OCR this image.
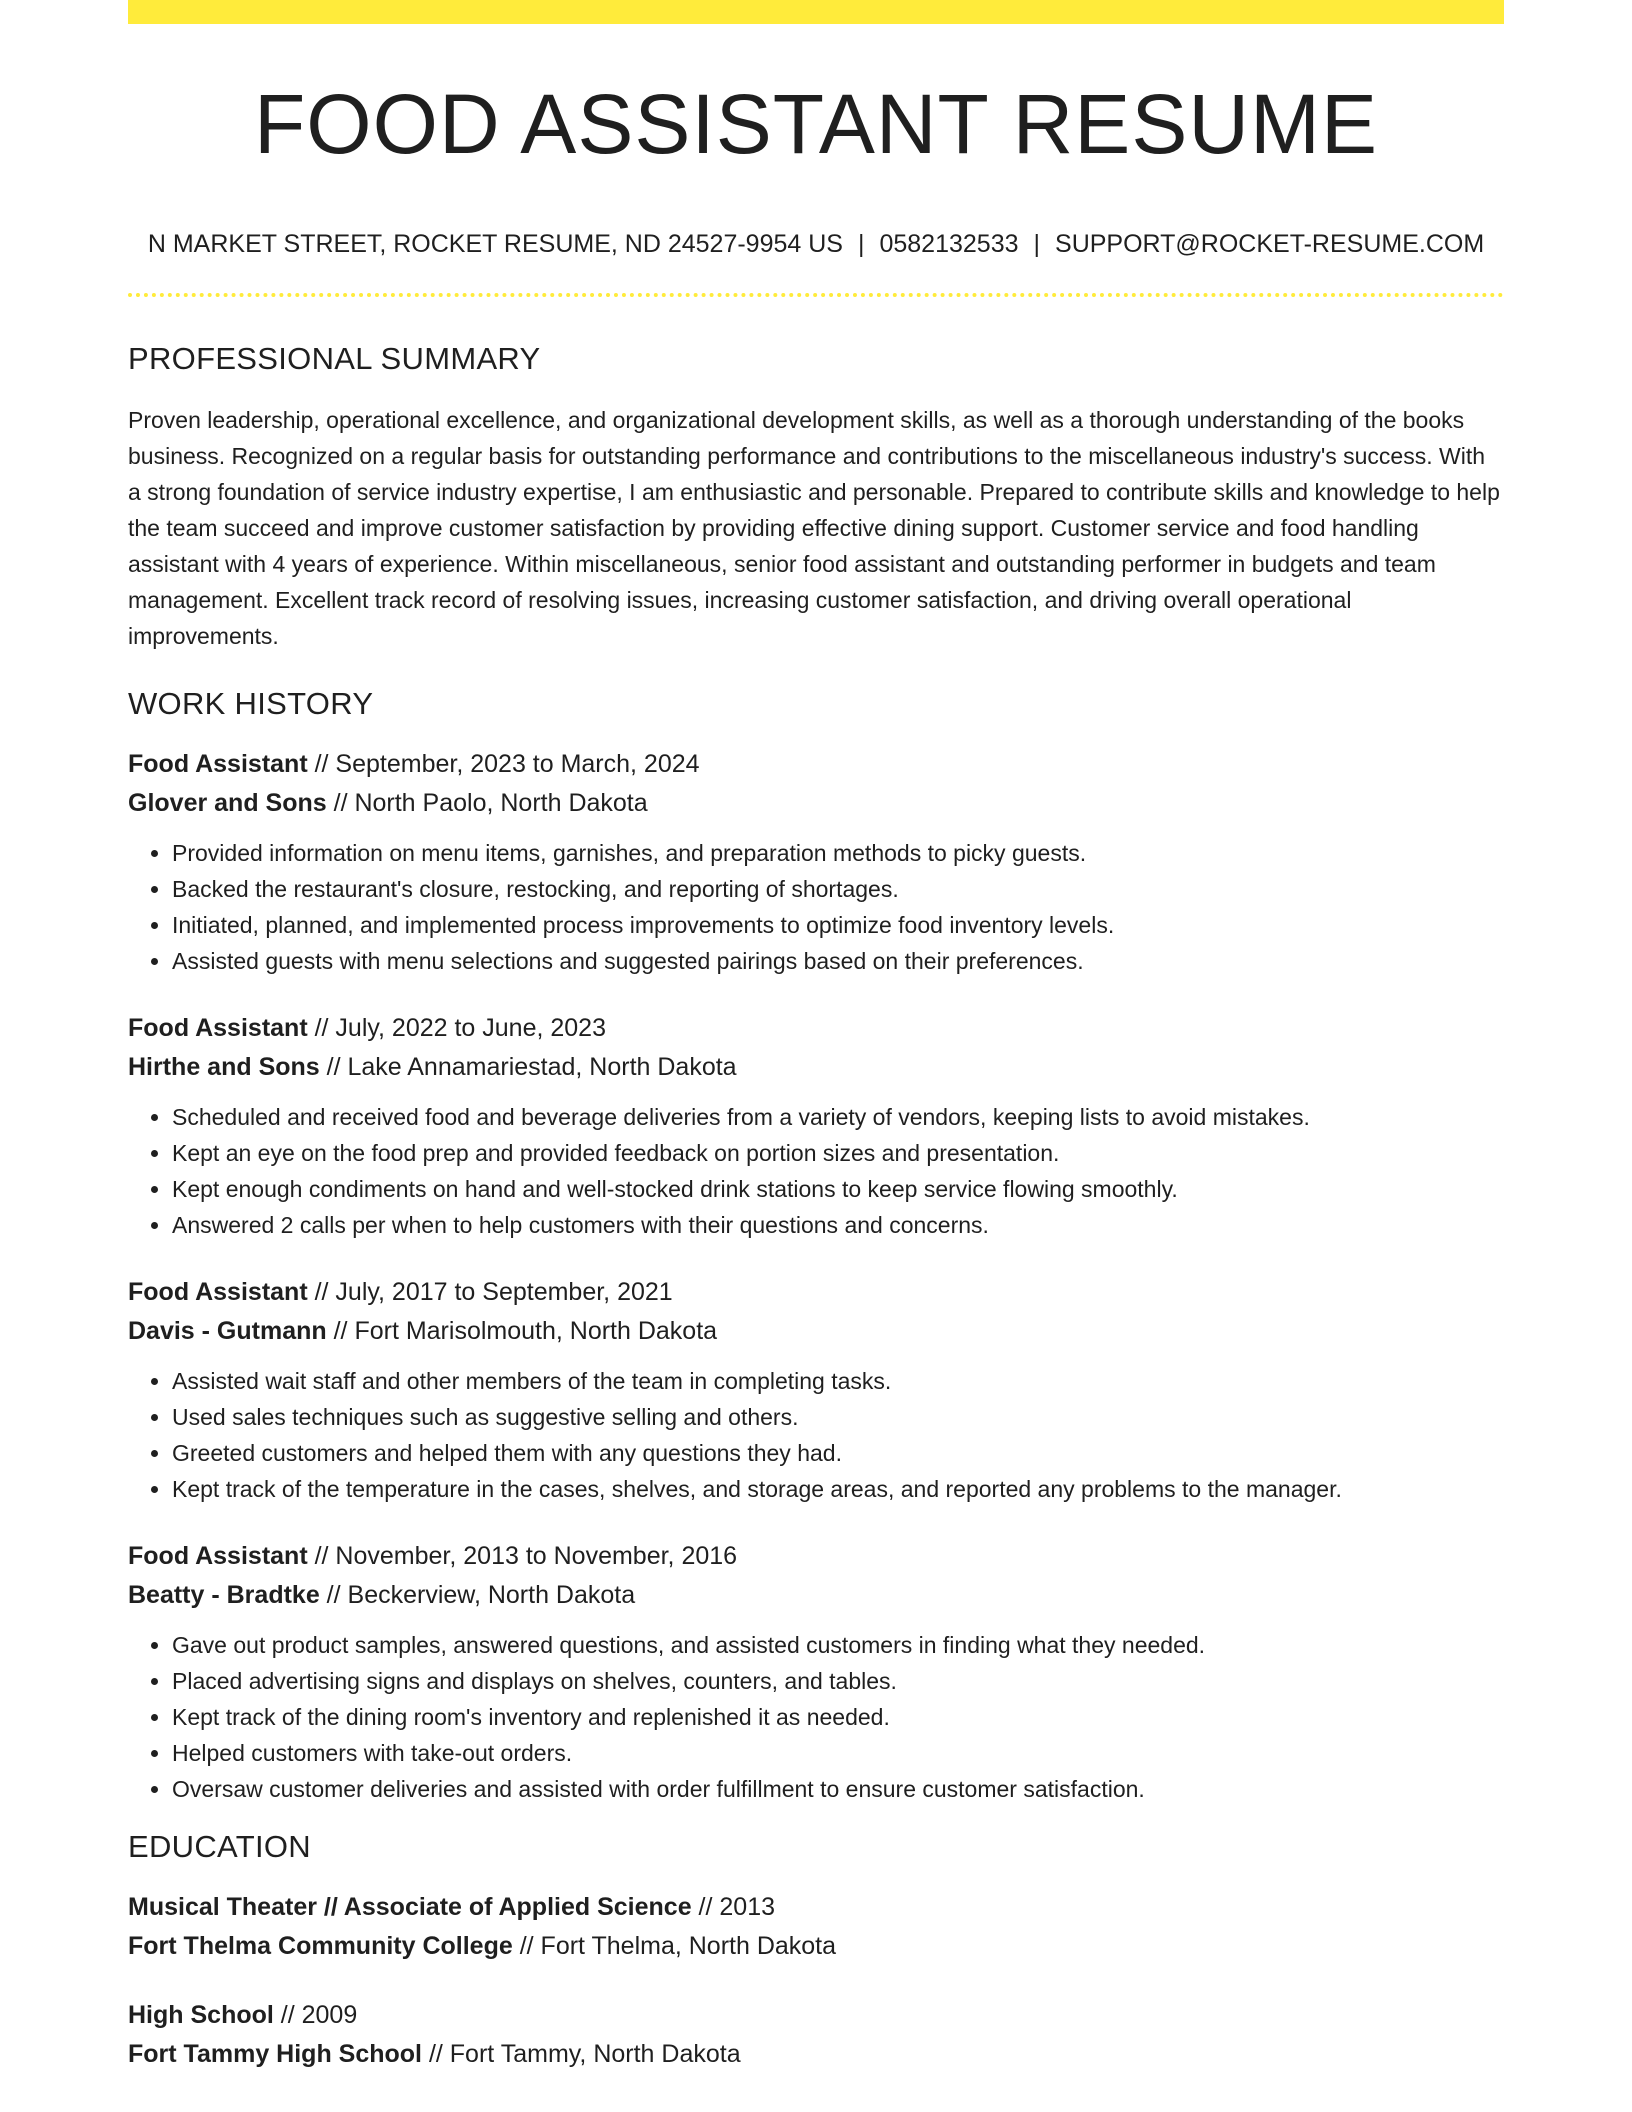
FOOD ASSISTANT RESUME
N MARKET STREET, ROCKET RESUME, ND 24527-9954 US | 0582132533 | SUPPORT@ROCKET-RESUME.COM
PROFESSIONAL SUMMARY
Proven leadership, operational excellence, and organizational development skills, as well as a thorough understanding of the books business. Recognized on a regular basis for outstanding performance and contributions to the miscellaneous industry's success. With a strong foundation of service industry expertise, I am enthusiastic and personable. Prepared to contribute skills and knowledge to help the team succeed and improve customer satisfaction by providing effective dining support. Customer service and food handling assistant with 4 years of experience. Within miscellaneous, senior food assistant and outstanding performer in budgets and team management. Excellent track record of resolving issues, increasing customer satisfaction, and driving overall operational improvements.
WORK HISTORY
Food Assistant // September, 2023 to March, 2024
Glover and Sons // North Paolo, North Dakota
• Provided information on menu items, garnishes, and preparation methods to picky guests.
• Backed the restaurant's closure, restocking, and reporting of shortages.
• Initiated, planned, and implemented process improvements to optimize food inventory levels.
• Assisted guests with menu selections and suggested pairings based on their preferences.
Food Assistant // July, 2022 to June, 2023
Hirthe and Sons // Lake Annamariestad, North Dakota
• Scheduled and received food and beverage deliveries from a variety of vendors, keeping lists to avoid mistakes.
• Kept an eye on the food prep and provided feedback on portion sizes and presentation.
• Kept enough condiments on hand and well-stocked drink stations to keep service flowing smoothly.
• Answered 2 calls per when to help customers with their questions and concerns.
Food Assistant // July, 2017 to September, 2021
Davis - Gutmann // Fort Marisolmouth, North Dakota
• Assisted wait staff and other members of the team in completing tasks.
• Used sales techniques such as suggestive selling and others.
• Greeted customers and helped them with any questions they had.
• Kept track of the temperature in the cases, shelves, and storage areas, and reported any problems to the manager.
Food Assistant // November, 2013 to November, 2016
Beatty - Bradtke // Beckerview, North Dakota
• Gave out product samples, answered questions, and assisted customers in finding what they needed.
• Placed advertising signs and displays on shelves, counters, and tables.
• Kept track of the dining room's inventory and replenished it as needed.
• Helped customers with take-out orders.
• Oversaw customer deliveries and assisted with order fulfillment to ensure customer satisfaction.
EDUCATION
Musical Theater // Associate of Applied Science // 2013
Fort Thelma Community College // Fort Thelma, North Dakota
High School // 2009
Fort Tammy High School // Fort Tammy, North Dakota
